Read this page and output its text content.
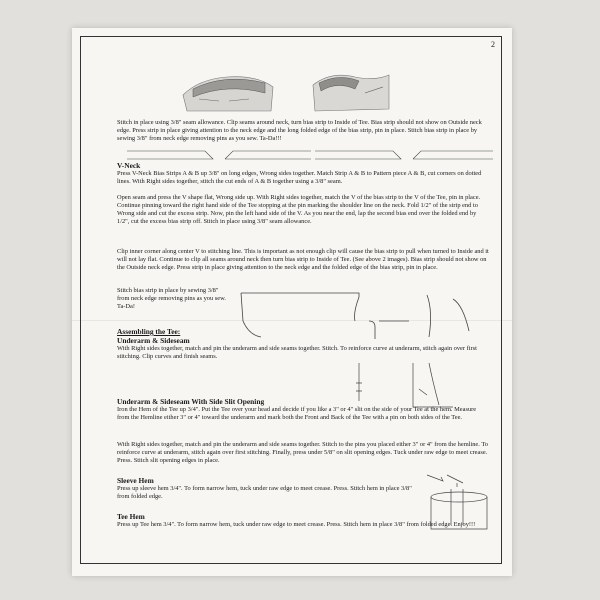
2
Stitch in place using 3/8" seam allowance. Clip seams around neck, turn bias strip to Inside of Tee. Bias strip should not show on Outside neck edge. Press strip in place giving attention to the neck edge and the long folded edge of the bias strip, pin in place. Stitch bias strip in place by sewing 3/8" from neck edge removing pins as you sew. Ta-Da!!!
V-Neck
Press V-Neck Bias Strips A & B up 3/8" on long edges, Wrong sides together. Match Strip A & B to Pattern piece A & B, cut corners on dotted lines. With Right sides together, stitch the cut ends of A & B together using a 3/8" seam.
Open seam and press the V shape flat, Wrong side up. With Right sides together, match the V of the bias strip to the V of the Tee, pin in place. Continue pinning toward the right hand side of the Tee stopping at the pin marking the shoulder line on the neck. Fold 1/2" of the strip end to Wrong side and cut the excess strip. Now, pin the left hand side of the V. As you near the end, lap the second bias end over the folded end by 1/2", cut the excess bias strip off. Stitch in place using 3/8" seam allowance.
Clip inner corner along center V to stitching line. This is important as not enough clip will cause the bias strip to pull when turned to Inside and it will not lay flat. Continue to clip all seams around neck then turn bias strip to Inside of Tee. (See above 2 images). Bias strip should not show on the Outside neck edge. Press strip in place giving attention to the neck edge and the folded edge of the bias strip, pin in place.
Stitch bias strip in place by sewing 3/8" from neck edge removing pins as you sew. Ta-Da!
Assembling the Tee:
Underarm & Sideseam
With Right sides together, match and pin the underarm and side seams together. Stitch. To reinforce curve at underarm, stitch again over first stitching. Clip curves and finish seams.
Underarm & Sideseam With Side Slit Opening
Iron the Hem of the Tee up 3/4". Put the Tee over your head and decide if you like a 3" or 4" slit on the side of your Tee at the hem. Measure from the Hemline either 3" or 4" toward the underarm and mark both the Front and Back of the Tee with a pin on both sides of the Tee.
With Right sides together, match and pin the underarm and side seams together. Stitch to the pins you placed either 3" or 4" from the hemline. To reinforce curve at underarm, stitch again over first stitching. Finally, press under 5/8" on slit opening edges. Tuck under raw edge to meet crease. Press. Stitch slit opening edges in place.
Sleeve Hem
Press up sleeve hem 3/4". To form narrow hem, tuck under raw edge to meet crease. Press. Stitch hem in place 3/8" from folded edge.
Tee Hem
Press up Tee hem 3/4". To form narrow hem, tuck under raw edge to meet crease. Press. Stitch hem in place 3/8" from folded edge. Enjoy!!!
